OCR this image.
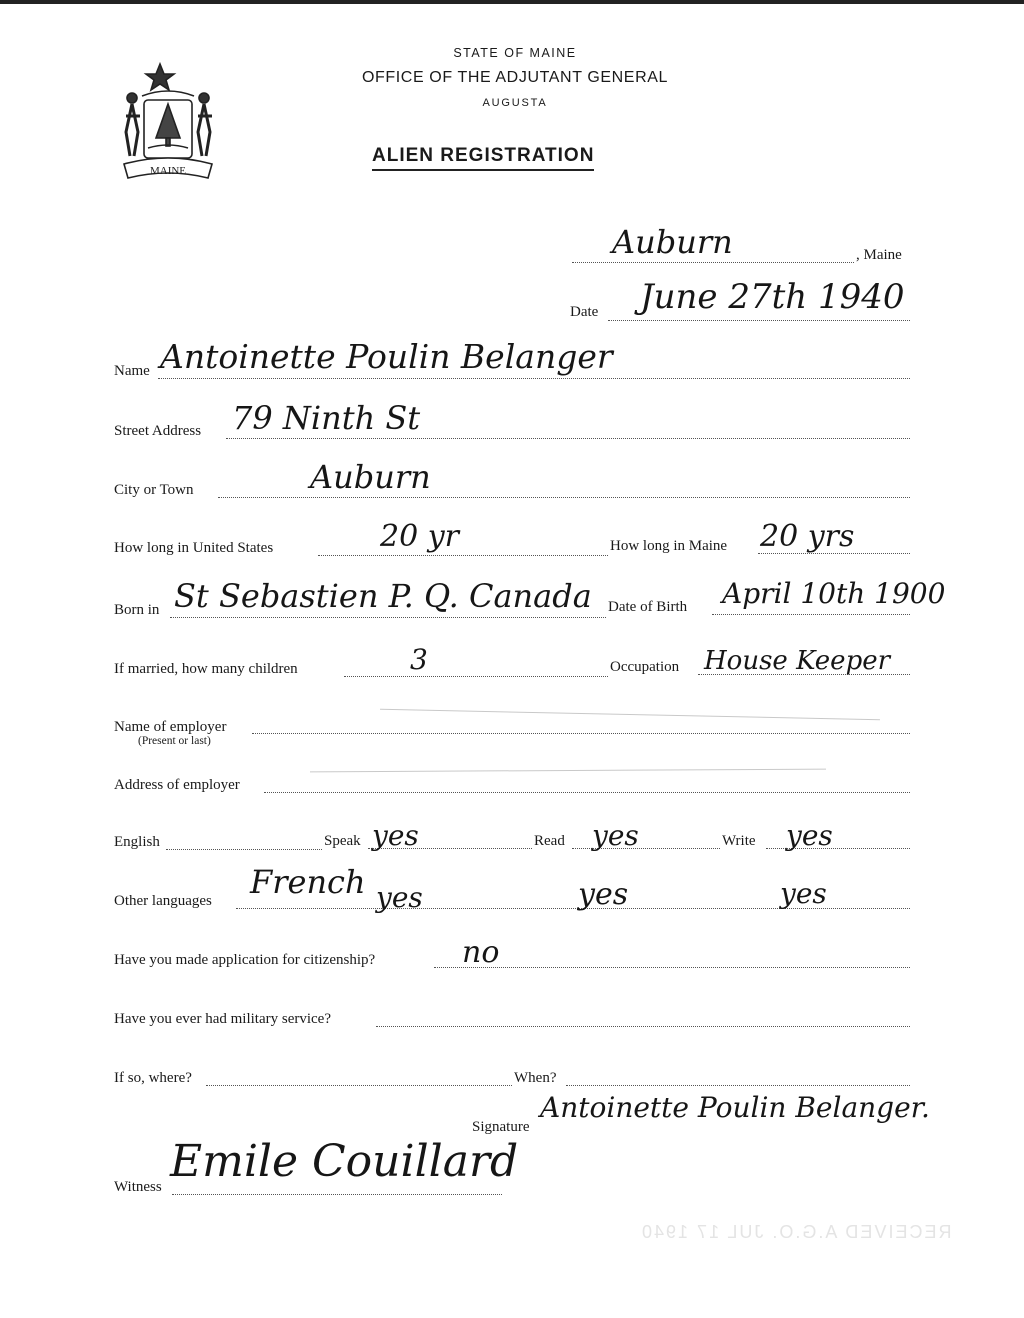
MAINE
STATE OF MAINE
OFFICE OF THE ADJUTANT GENERAL
AUGUSTA
ALIEN REGISTRATION
Auburn	, Maine
Date June 27th 1940
Name Antoinette Poulin Belanger
Street Address 79 Ninth St
City or Town	Auburn
How long in United States	20 yr	How long in Maine 20 yrs
Born in St Sebastien P. Q. Canada Date of Birth April 10th 1900
If married, how many children	3	Occupation House Keeper
Name of employer
(Present or last)
Address of employer
English	Speak yes	Read yes	Write yes
Other languages French yes	yes	yes
Have you made application for citizenship?	no
Have you ever had military service?
If so, where?	When?
Signature
Antoinette Poulin Belanger.
Witness Emile Couillard
RECEIVED A.G.O. JUL 17 1940
